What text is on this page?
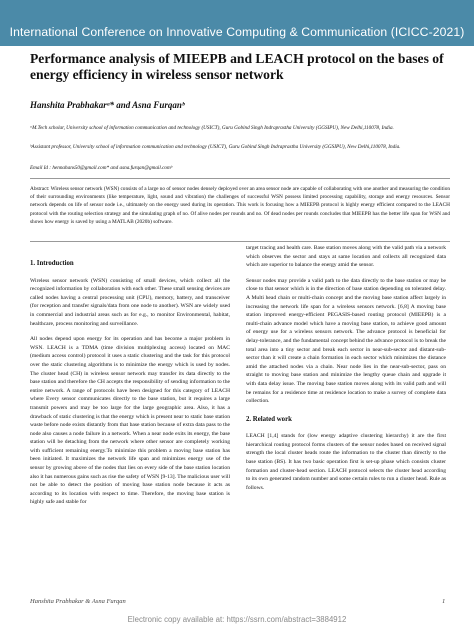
International Conference on Innovative Computing & Communication (ICICC-2021)
Performance analysis of MIEEPB and LEACH protocol on the bases of energy efficiency in wireless sensor network
Hanshita Prabhakarᵃ* and Asna Furqanᵇ
ᵃM.Tech scholar, University school of information communication and technology (USICT), Guru Gobind Singh Indraprastha University (GGSIPU), New Delhi,110078, India.
ᵇAssistant professor, University school of information communication and technology (USICT), Guru Gobind Singh Indraprastha University (GGSIPU), New Delhi,110078, India.
Email Id : hennahans50@gmail.com* and asna.furqan@gmail.comᵇ
Abstract: Wireless sensor network (WSN) consists of a large no of sensor nodes densely deployed over an area sensor node are capable of collaborating with one another and measuring the condition of their surrounding environments (like temperature, light, sound and vibration) the challenges of successful WSN possess limited processing capability, storage and energy resources. Sensor network depends on life of sensor node i.e., ultimately on the energy used during its operation. This work is focusing how a MIEEPB protocol is highly energy efficient compared to the LEACH protocol with the routing selection strategy and the simulating graph of no. Of alive nodes per rounds and no. Of dead nodes per rounds concludes that MIEEPB has the better life span for WSN and shows how energy is saved by using a MATLAB (2020b) software.
1. Introduction

Wireless sensor network (WSN) consisting of small devices, which collect all the recognized information by collaboration with each other. These small sensing devices are called nodes having a central processing unit (CPU), memory, battery, and transceiver (for reception and transfer signals/data from one node to another). WSN are widely used in commercial and industrial areas such as for e.g., to monitor Environmental, habitat, healthcare, process monitoring and surveillance.

All nodes depend upon energy for its operation and has become a major problem in WSN. LEACH is a TDMA (time division multiplexing access) located on MAC (medium access control) protocol it uses a static clustering and the task for this protocol over the static clustering algorithms is to minimize the energy which is used by nodes. The cluster head (CH) in wireless sensor network may transfer its data directly to the base station and therefore the CH accepts the responsibility of sending information to the entire network. A range of protocols have been designed for this category of LEACH where Every sensor communicates directly to the base station, but it requires a large transmit powers and may be too large for the large geographic area. Also, it has a drawback of static clustering is that the energy which is present near to static base station waste before node exists distantly from that base station because of extra data pass to the node also causes a node failure in a network. When a near node exits its energy, the base station will be detaching from the network where other sensor are completely working with sufficient remaining energy.To minimize this problem a moving base station has been initiated. It maximizes the network life span and minimizes energy use of the sensor by growing above of the nodes that lies on every side of the base station location also it has numerous gains such as rise the safety of WSN [9-13]. The malicious user will not be able to detect the position of moving base station node because it acts as according to its location with respect to time. Therefore, the moving base station is highly safe and stable for

target tracing and health care. Base station moves along with the valid path via a network which observes the sector and stays at same location and collects all recognized data which are superior to balance the energy amid the sensor.

Sensor nodes may provide a valid path to the data directly to the base station or may be close to that sensor which is in the direction of base station depending on tolerated delay. A Multi head chain or multi-chain concept and the moving base station affect largely in increasing the network life span for a wireless sensors network. [6,8] A moving base station improved energy-efficient PEGASIS-based routing protocol (MIEEPB) is a multi-chain advance model which have a moving base station, to achieve good amount of energy use for a wireless sensors network. The advance protocol is beneficial for delay-tolerance, and the fundamental concept behind the advance protocol is to break the total area into a tiny sector and break each sector in near-sub-sector and distant-sub-sector than it will create a chain formation in each sector which minimizes the distance amid the attached nodes via a chain. Near node lies in the near-sub-sector, pass on straight to moving base station and minimize the lengthy queue chain and upgrade it with data delay issue. The moving base station moves along with its valid path and will be remains for a residence time at residence location to make a survey of complete data collection.

2. Related work

LEACH [1,4] stands for (low energy adaptive clustering hierarchy) it are the first hierarchical routing protocol forms clusters of the sensor nodes based on received signal strength the local cluster heads route the information to the cluster than directly to the base station (BS). It has two basic operation first is set-up phase which consists cluster formation and cluster-head section. LEACH protocol selects the cluster head according to its own generated random number and some certain rules to run a cluster head. Rule as follows.

Hanshita Prabhakar & Asna Furqan	1
Electronic copy available at: https://ssrn.com/abstract=3884912
